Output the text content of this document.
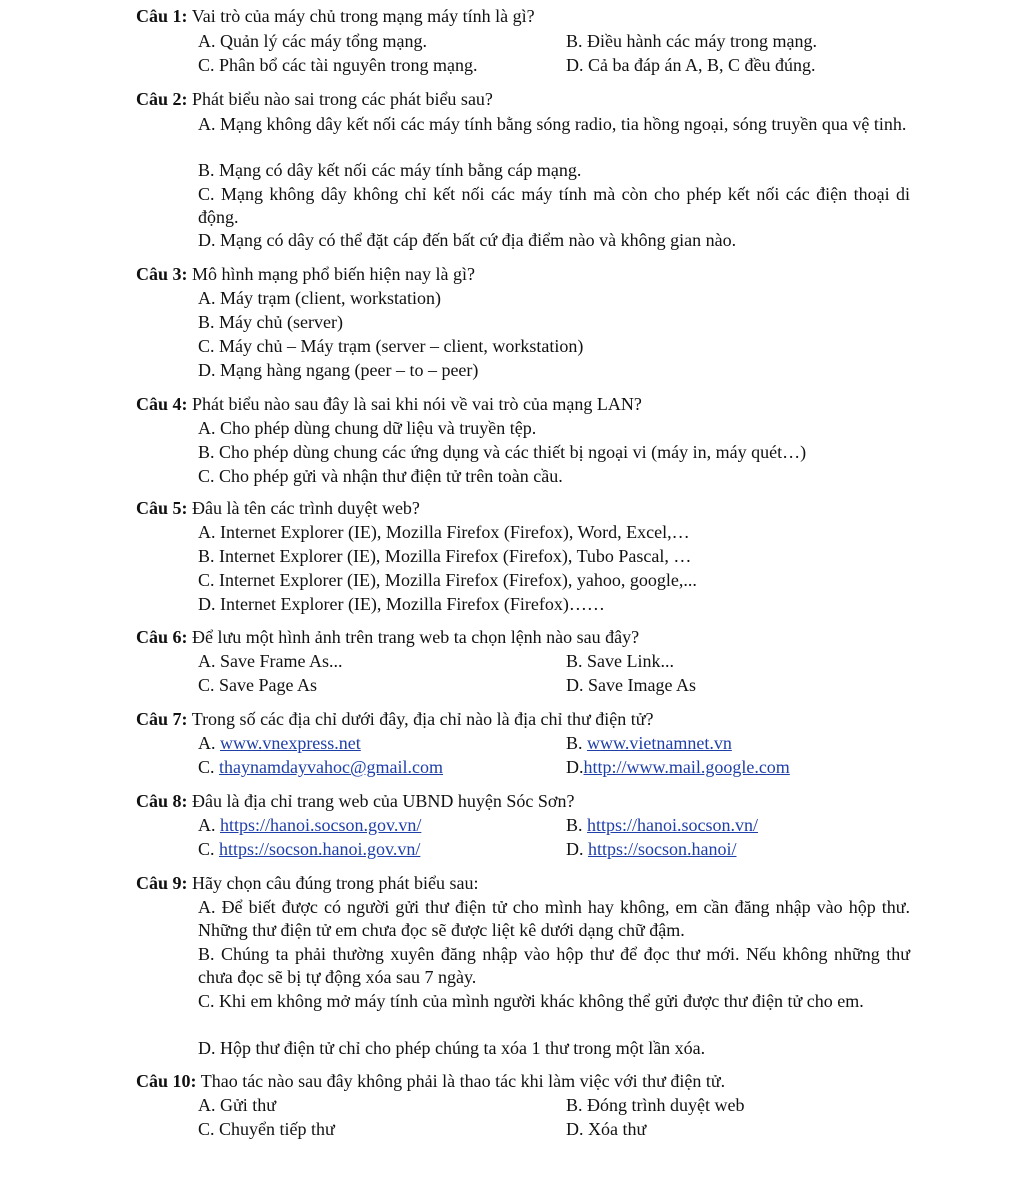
Câu 1: Vai trò của máy chủ trong mạng máy tính là gì?
A. Quản lý các máy tổng mạng.	B. Điều hành các máy trong mạng.
C. Phân bổ các tài nguyên trong mạng.	D. Cả ba đáp án A, B, C đều đúng.
Câu 2: Phát biểu nào sai trong các phát biểu sau?
A. Mạng không dây kết nối các máy tính bằng sóng radio, tia hồng ngoại, sóng truyền qua vệ tinh.
B. Mạng có dây kết nối các máy tính bằng cáp mạng.
C. Mạng không dây không chỉ kết nối các máy tính mà còn cho phép kết nối các điện thoại di động.
D. Mạng có dây có thể đặt cáp đến bất cứ địa điểm nào và không gian nào.
Câu 3: Mô hình mạng phổ biến hiện nay là gì?
A. Máy trạm (client, workstation)
B. Máy chủ (server)
C. Máy chủ – Máy trạm (server – client, workstation)
D. Mạng hàng ngang (peer – to – peer)
Câu 4: Phát biểu nào sau đây là sai khi nói về vai trò của mạng LAN?
A. Cho phép dùng chung dữ liệu và truyền tệp.
B. Cho phép dùng chung các ứng dụng và các thiết bị ngoại vi (máy in, máy quét…)
C. Cho phép gửi và nhận thư điện tử trên toàn cầu.
Câu 5: Đâu là tên các trình duyệt web?
A. Internet Explorer (IE), Mozilla Firefox (Firefox), Word, Excel,…
B. Internet Explorer (IE), Mozilla Firefox (Firefox), Tubo Pascal, …
C. Internet Explorer (IE), Mozilla Firefox (Firefox), yahoo, google,...
D. Internet Explorer (IE), Mozilla Firefox (Firefox)……
Câu 6: Để lưu một hình ảnh trên trang web ta chọn lệnh nào sau đây?
A. Save Frame As...	B. Save Link...
C. Save Page As	D. Save Image As
Câu 7: Trong số các địa chỉ dưới đây, địa chỉ nào là địa chỉ thư điện tử?
A. www.vnexpress.net	B. www.vietnamnet.vn
C. thaynamdayvahoc@gmail.com	D.http://www.mail.google.com
Câu 8: Đâu là địa chỉ trang web của UBND huyện Sóc Sơn?
A. https://hanoi.socson.gov.vn/	B. https://hanoi.socson.vn/
C. https://socson.hanoi.gov.vn/	D. https://socson.hanoi/
Câu 9: Hãy chọn câu đúng trong phát biểu sau:
A. Để biết được có người gửi thư điện tử cho mình hay không, em cần đăng nhập vào hộp thư. Những thư điện tử em chưa đọc sẽ được liệt kê dưới dạng chữ đậm.
B. Chúng ta phải thường xuyên đăng nhập vào hộp thư để đọc thư mới. Nếu không những thư chưa đọc sẽ bị tự động xóa sau 7 ngày.
C. Khi em không mở máy tính của mình người khác không thể gửi được thư điện tử cho em.
D. Hộp thư điện tử chỉ cho phép chúng ta xóa 1 thư trong một lần xóa.
Câu 10: Thao tác nào sau đây không phải là thao tác khi làm việc với thư điện tử.
A. Gửi thư	B. Đóng trình duyệt web
C. Chuyển tiếp thư	D. Xóa thư
